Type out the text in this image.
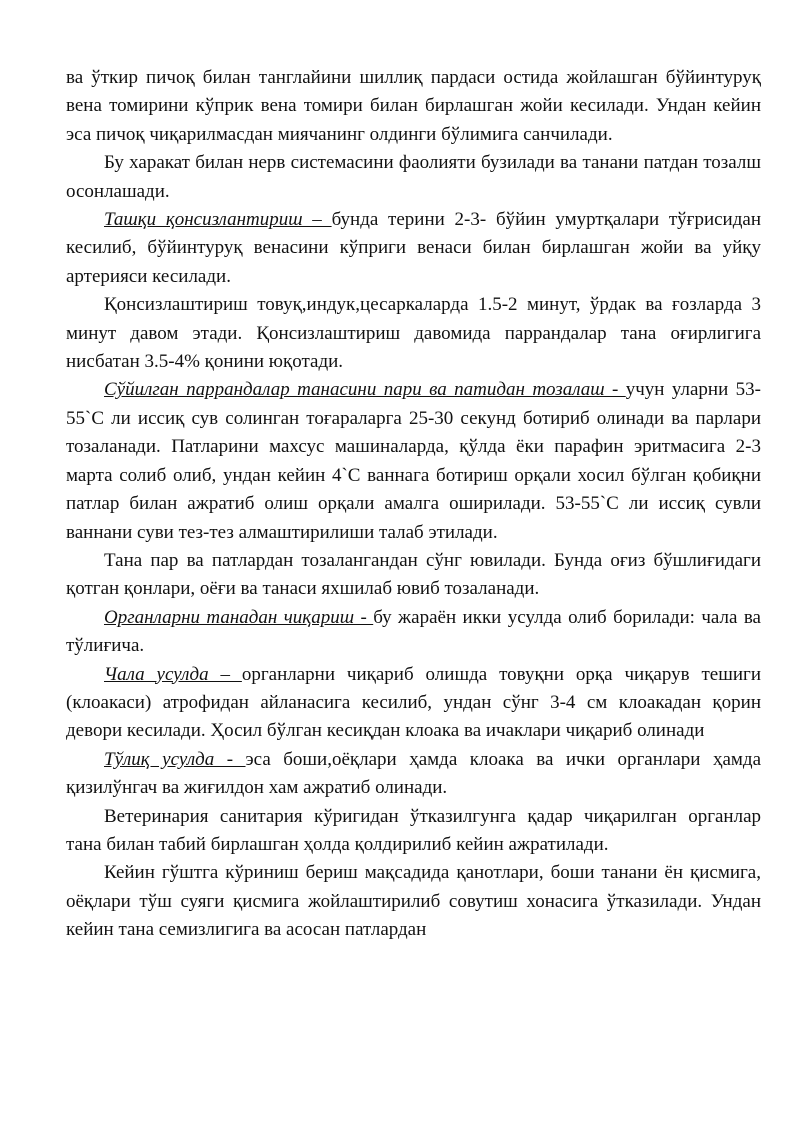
ва ўткир пичоқ билан танглайини шиллиқ пардаси остида жойлашган бўйинтуруқ вена томирини кўприк вена томири билан бирлашган жойи кесилади. Ундан кейин эса пичоқ чиқарилмасдан миячанинг олдинги бўлимига санчилади.

Бу харакат билан нерв системасини фаолияти бузилади ва танани патдан тозалш осонлашади.

Ташқи қонсизлантириш – бунда терини 2-3- бўйин умуртқалари тўғрисидан кесилиб, бўйинтуруқ венасини кўприги венаси билан бирлашган жойи ва уйқу артерияси кесилади.

Қонсизлаштириш товуқ,индук,цесаркаларда 1.5-2 минут, ўрдак ва ғозларда 3 минут давом этади. Қонсизлаштириш давомида паррандалар тана оғирлигига нисбатан 3.5-4% қонини юқотади.

Сўйилган паррандалар танасини пари ва патидан тозалаш - учун уларни 53-55`C ли иссиқ сув солинган тоғараларга 25-30 секунд ботириб олинади ва парлари тозаланади. Патларини махсус машиналарда, қўлда ёки парафин эритмасига 2-3 марта солиб олиб, ундан кейин 4`C ваннага ботириш орқали хосил бўлган қобиқни патлар билан ажратиб олиш орқали амалга оширилади. 53-55`C ли иссиқ сувли ваннани суви тез-тез алмаштирилиши талаб этилади.

Тана пар ва патлардан тозалангандан сўнг ювилади. Бунда оғиз бўшлиғидаги қотган қонлари, оёғи ва танаси яхшилаб ювиб тозаланади.

Органларни танадан чиқариш - бу жараён икки усулда олиб борилади: чала ва тўлиғича.

Чала усулда – органларни чиқариб олишда товуқни орқа чиқарув тешиги (клоакаси) атрофидан айланасига кесилиб, ундан сўнг 3-4 см клоакадан қорин девори кесилади. Ҳосил бўлган кесиқдан клоака ва ичаклари чиқариб олинади

Тўлиқ усулда - эса боши,оёқлари ҳамда клоака ва ички органлари ҳамда қизилўнгач ва жиғилдон хам ажратиб олинади.

Ветеринария санитария кўригидан ўтказилгунга қадар чиқарилган органлар тана билан табий бирлашган ҳолда қолдирилиб кейин ажратилади.

Кейин гўштга кўриниш бериш мақсадида қанотлари, боши танани ён қисмига, оёқлари тўш суяги қисмига жойлаштирилиб совутиш хонасига ўтказилади. Ундан кейин тана семизлигига ва асосан патлардан
